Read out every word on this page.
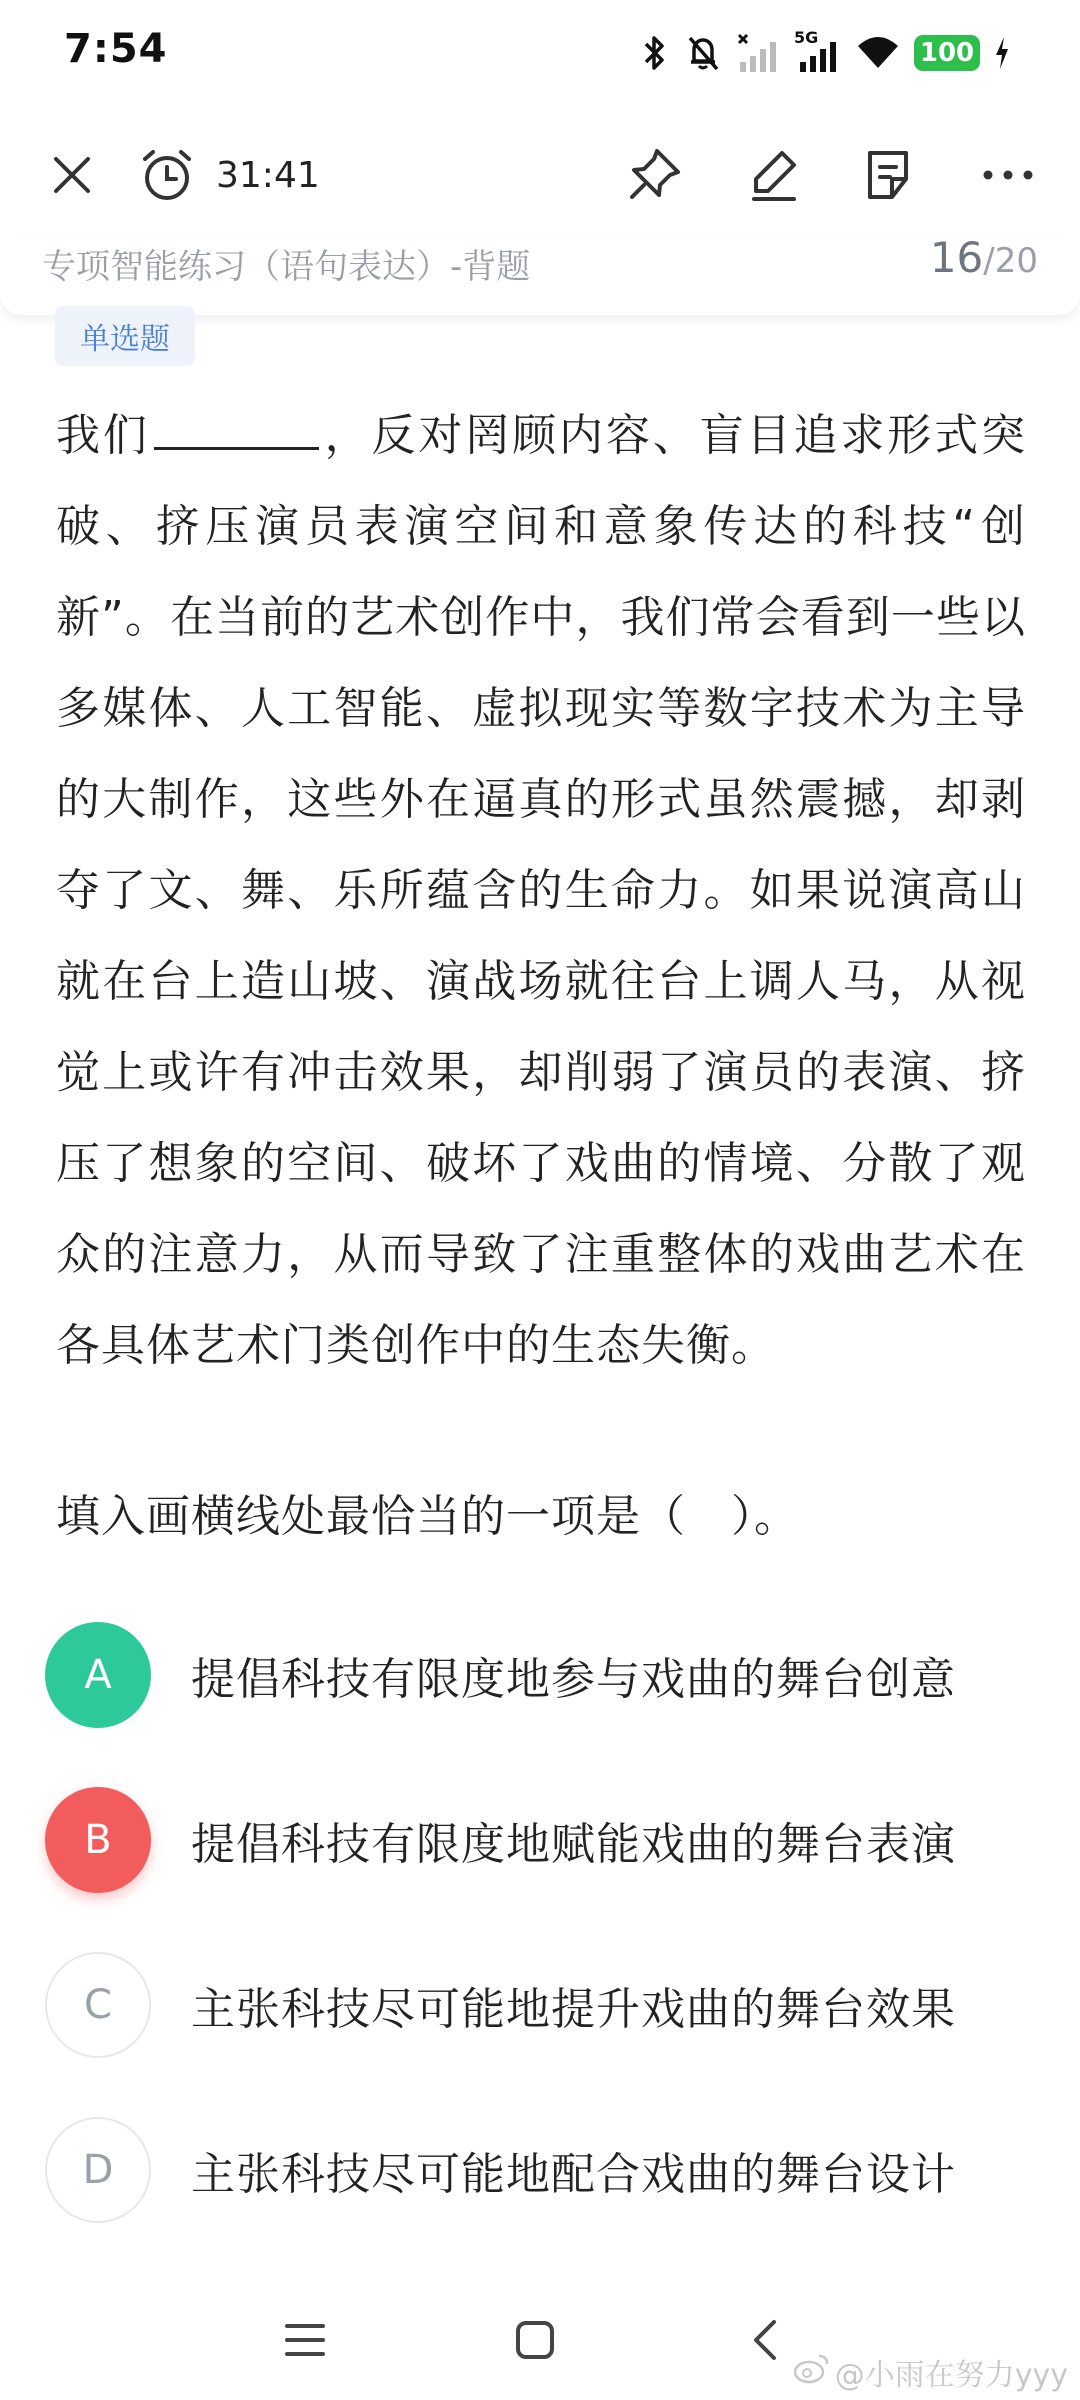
7:54	5G
100
31:41
专项智能练习（语句表达）-背题	16/20
单选题
我们	，反对罔顾内容、盲目追求形式突破、挤压演员表演空间和意象传达的科技“创新”。在当前的艺术创作中，我们常会看到一些以多媒体、人工智能、虚拟现实等数字技术为主导的大制作，这些外在逼真的形式虽然震撼，却剥夺了文、舞、乐所蕴含的生命力。如果说演高山就在台上造山坡、演战场就往台上调人马，从视觉上或许有冲击效果，却削弱了演员的表演、挤压了想象的空间、破坏了戏曲的情境、分散了观众的注意力，从而导致了注重整体的戏曲艺术在各具体艺术门类创作中的生态失衡。
填入画横线处最恰当的一项是（　）。
A	提倡科技有限度地参与戏曲的舞台创意
B	提倡科技有限度地赋能戏曲的舞台表演
C	主张科技尽可能地提升戏曲的舞台效果
D	主张科技尽可能地配合戏曲的舞台设计
@小雨在努力yyy
